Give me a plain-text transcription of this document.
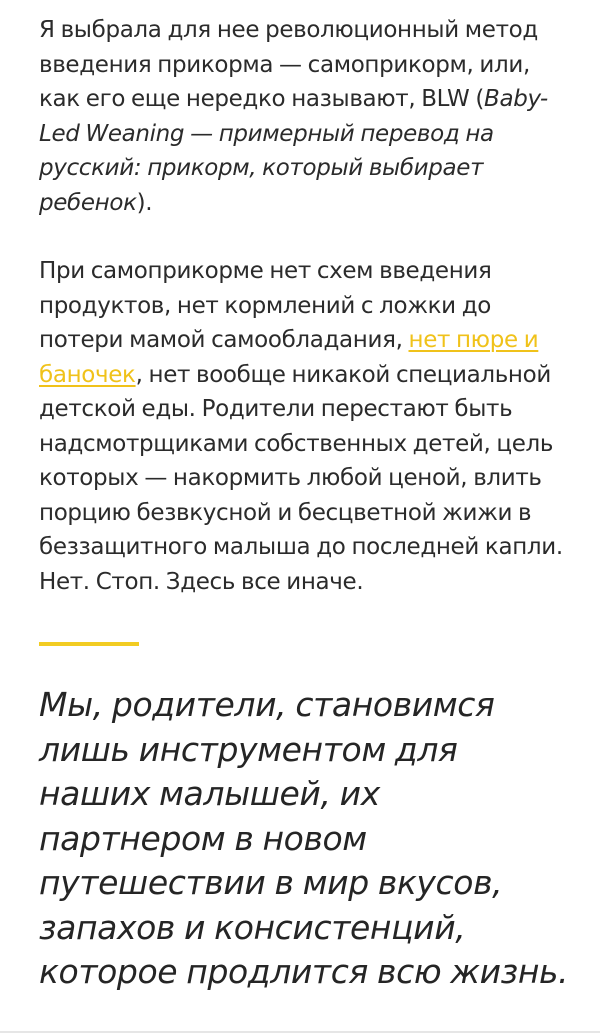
Я выбрала для нее революционный метод введения прикорма — самоприкорм, или, как его еще нередко называют, BLW (Baby-Led Weaning — примерный перевод на русский: прикорм, который выбирает ребенок).

При самоприкорме нет схем введения продуктов, нет кормлений с ложки до потери мамой самообладания, нет пюре и баночек, нет вообще никакой специальной детской еды. Родители перестают быть надсмотрщиками собственных детей, цель которых — накормить любой ценой, влить порцию безвкусной и бесцветной жижи в беззащитного малыша до последней капли. Нет. Стоп. Здесь все иначе.

Мы, родители, становимся лишь инструментом для наших малышей, их партнером в новом путешествии в мир вкусов, запахов и консистенций, которое продлится всю жизнь.
